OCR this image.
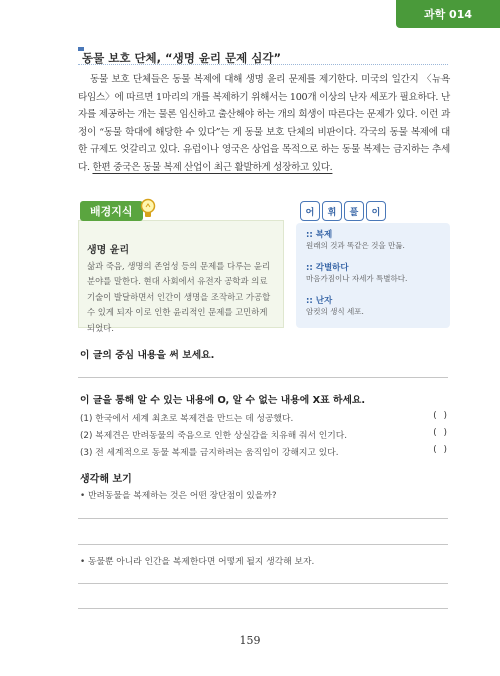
과학 014
동물 보호 단체, “생명 윤리 문제 심각”

동물 보호 단체들은 동물 복제에 대해 생명 윤리 문제를 제기한다. 미국의 일간지 〈뉴욕 타임스〉에 따르면 1마리의 개를 복제하기 위해서는 100개 이상의 난자 세포가 필요하다. 난자를 제공하는 개는 물론 임신하고 출산해야 하는 개의 희생이 따른다는 문제가 있다. 이런 과정이 “동물 학대에 해당한 수 있다”는 게 동물 보호 단체의 비판이다. 각국의 동물 복제에 대한 규제도 엇갈리고 있다. 유럽이나 영국은 상업을 목적으로 하는 동물 복제는 금지하는 추세다. 한편 중국은 동물 복제 산업이 최근 활발하게 성장하고 있다.

생명 윤리
삶과 죽음, 생명의 존엄성 등의 문제를 다루는 윤리 분야를 말한다. 현대 사회에서 유전자 공학과 의료 기술이 발달하면서 인간이 생명을 조작하고 가공할 수 있게 되자 이로 인한 윤리적인 문제를 고민하게 되었다.
배경지식	어	휘	풀	이
:: 복제
원래의 것과 똑같은 것을 만듦.
:: 각별하다
마음가짐이나 자세가 특별하다.
:: 난자
암컷의 생식 세포.
이 글의 중심 내용을 써 보세요.
이 글을 통해 알 수 있는 내용에 O, 알 수 없는 내용에 X표 하세요.
(1) 한국에서 세계 최초로 복제견을 만드는 데 성공했다.	( )
(2) 복제견은 반려동물의 죽음으로 인한 상실감을 치유해 줘서 인기다.	( )
(3) 전 세계적으로 동물 복제를 금지하려는 움직임이 강해지고 있다.	( )
생각해 보기
• 반려동물을 복제하는 것은 어떤 장단점이 있을까?
• 동물뿐 아니라 인간을 복제한다면 어떻게 될지 생각해 보자.
159
